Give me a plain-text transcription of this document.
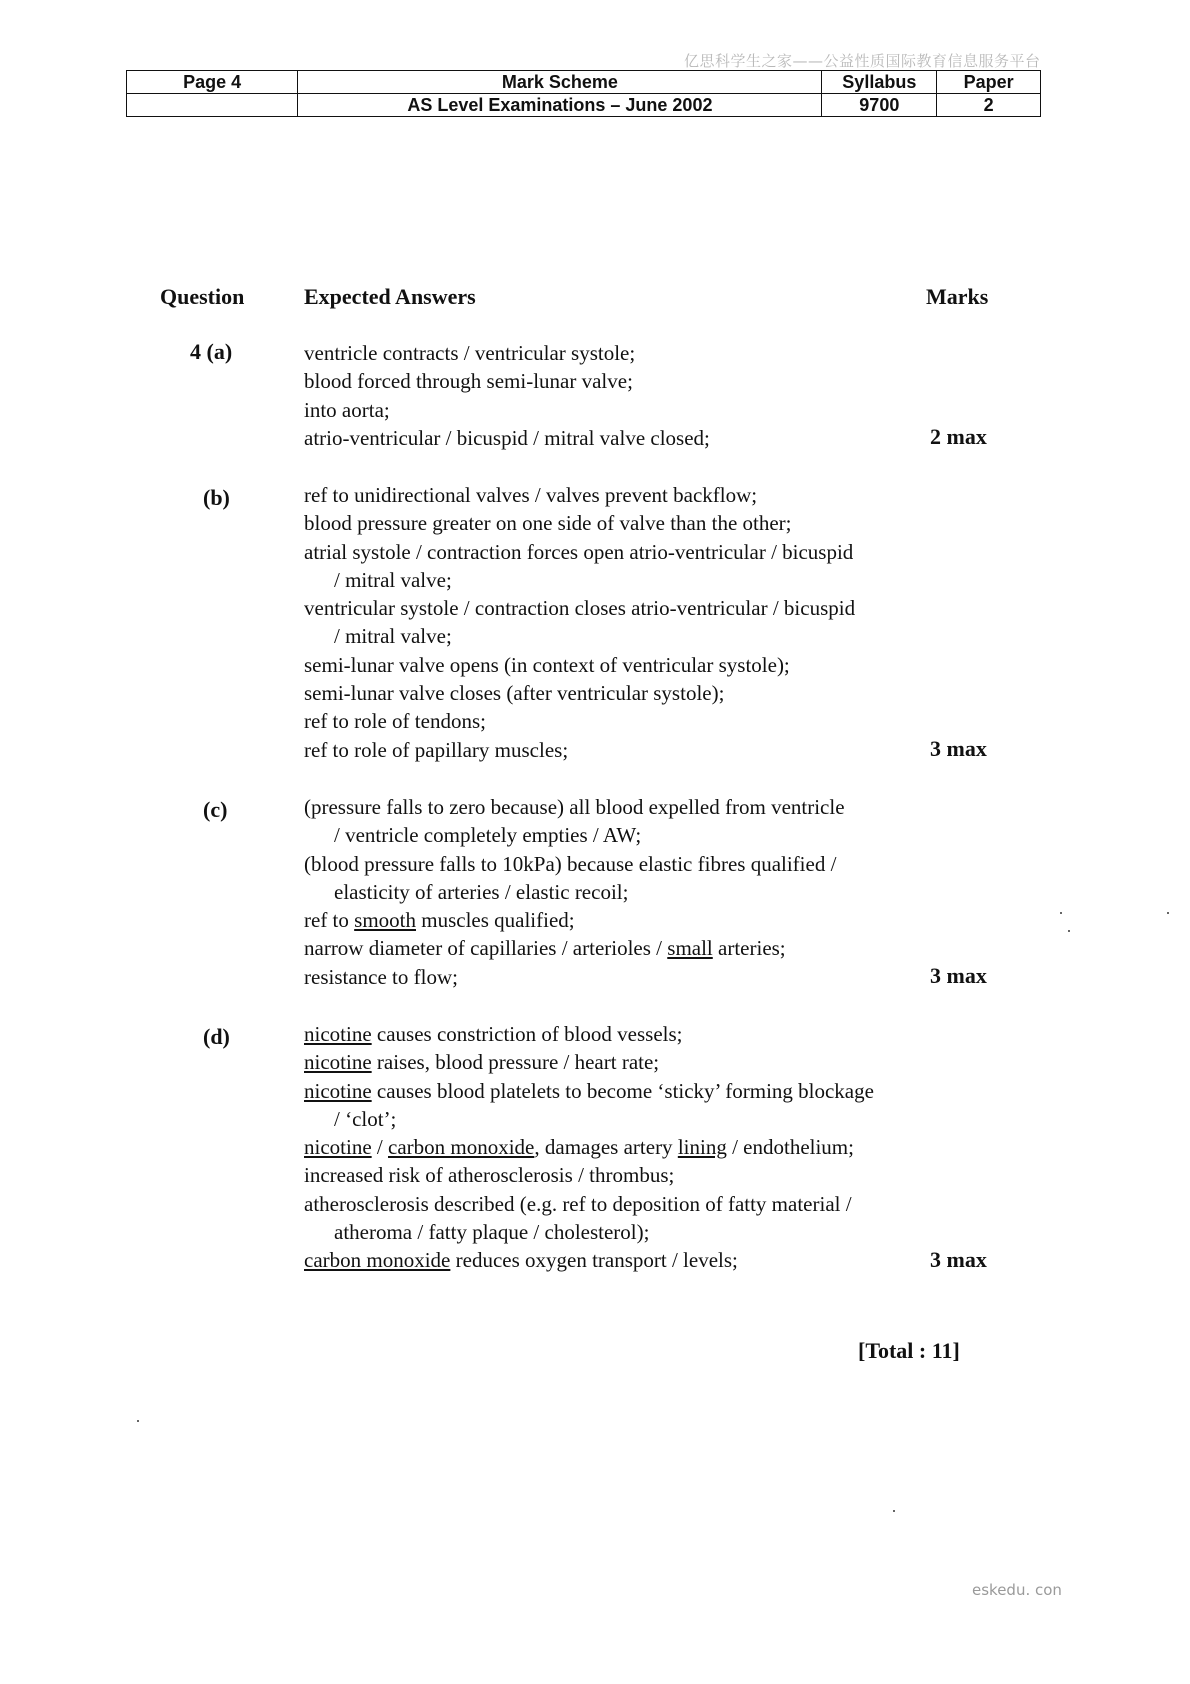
亿思科学生之家——公益性质国际教育信息服务平台
Page 4	Mark Scheme	Syllabus	Paper
	AS Level Examinations – June 2002	9700	2
Question	Expected Answers	Marks
4 (a)	ventricle contracts / ventricular systole;
blood forced through semi-lunar valve;
into aorta;
atrio-ventricular / bicuspid / mitral valve closed;	2 max
(b)	ref to unidirectional valves / valves prevent backflow;
blood pressure greater on one side of valve than the other;
atrial systole / contraction forces open atrio-ventricular / bicuspid
/ mitral valve;
ventricular systole / contraction closes atrio-ventricular / bicuspid
/ mitral valve;
semi-lunar valve opens (in context of ventricular systole);
semi-lunar valve closes (after ventricular systole);
ref to role of tendons;
ref to role of papillary muscles;	3 max
(c)	(pressure falls to zero because) all blood expelled from ventricle
/ ventricle completely empties / AW;
(blood pressure falls to 10kPa) because elastic fibres qualified /
elasticity of arteries / elastic recoil;
ref to smooth muscles qualified;
narrow diameter of capillaries / arterioles / small arteries;
resistance to flow;	3 max
(d)	nicotine causes constriction of blood vessels;
nicotine raises, blood pressure / heart rate;
nicotine causes blood platelets to become ‘sticky’ forming blockage
/ ‘clot’;
nicotine / carbon monoxide, damages artery lining / endothelium;
increased risk of atherosclerosis / thrombus;
atherosclerosis described (e.g. ref to deposition of fatty material /
atheroma / fatty plaque / cholesterol);
carbon monoxide reduces oxygen transport / levels;	3 max
[Total : 11]
eskedu. con
